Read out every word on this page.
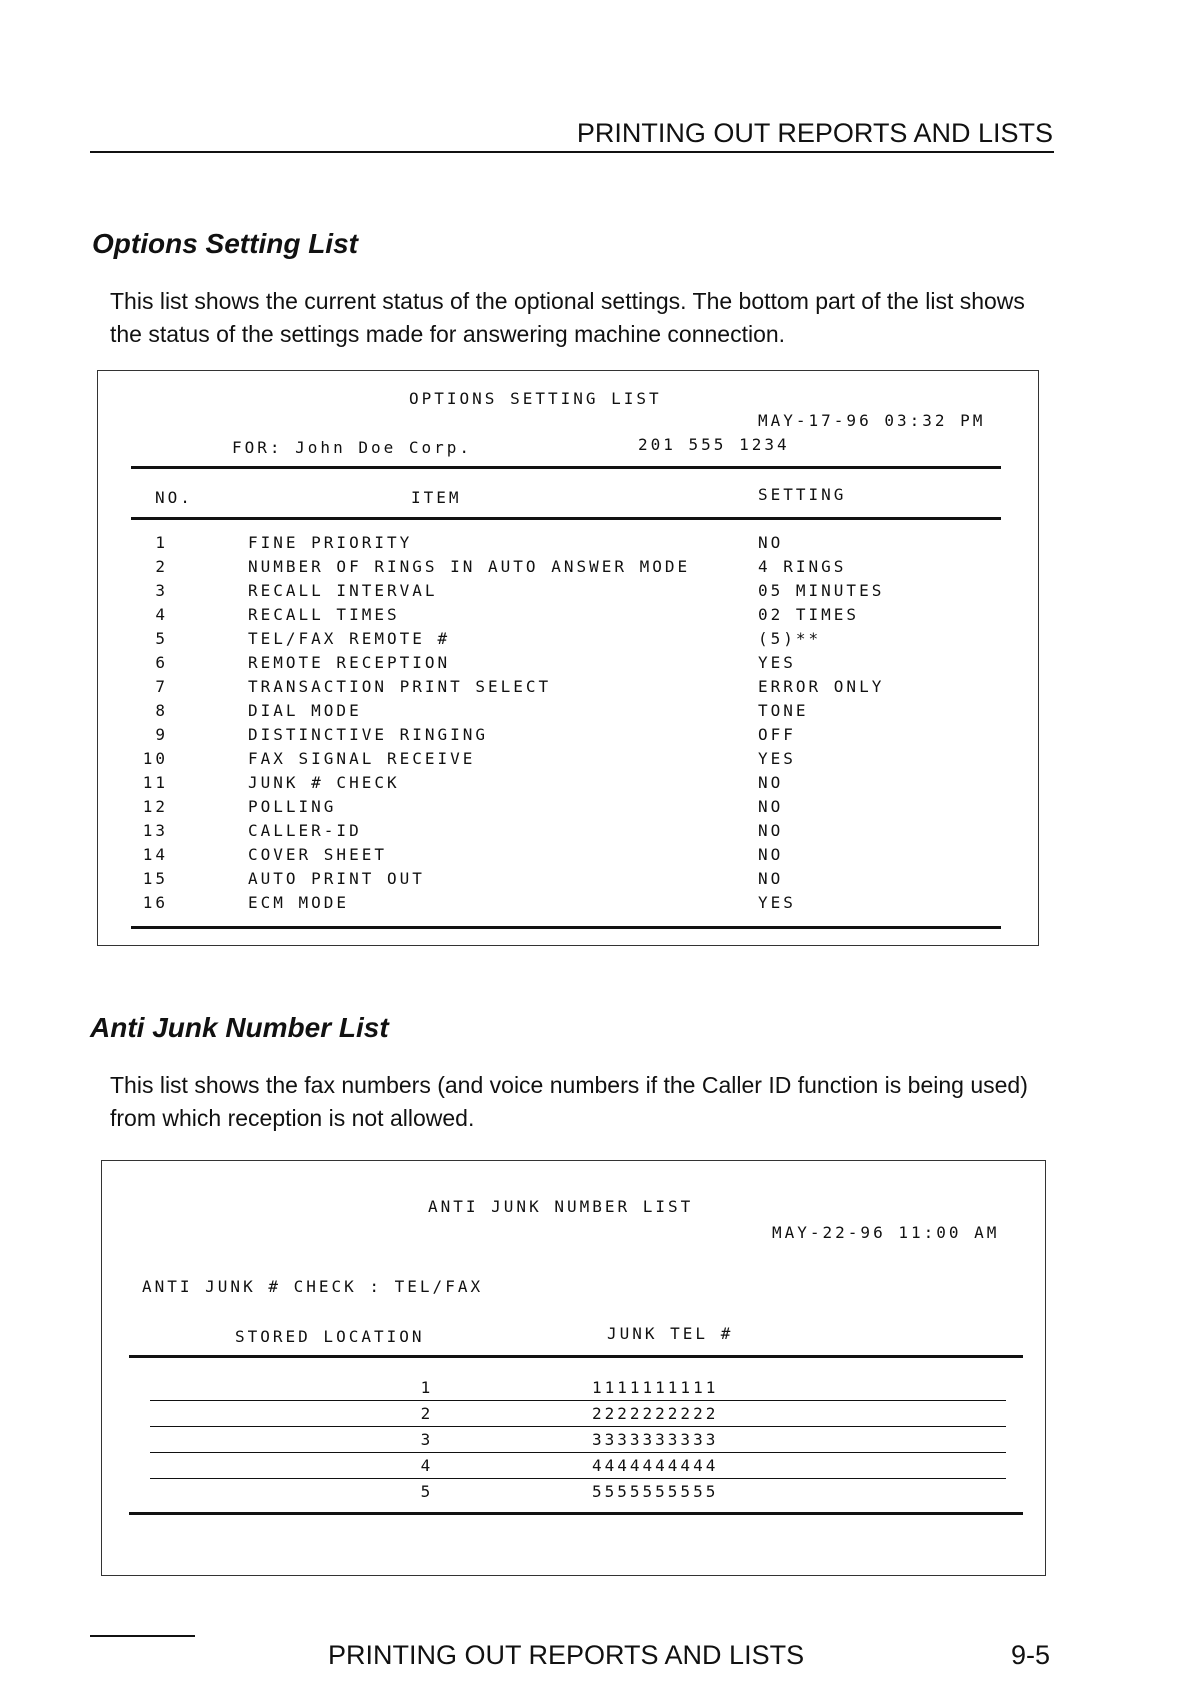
PRINTING OUT REPORTS AND LISTS
Options Setting List

This list shows the current status of the optional settings. The bottom part of the list shows the status of the settings made for answering machine connection.

OPTIONS SETTING LIST
MAY-17-96 03:32 PM
FOR: John Doe Corp.	201 555 1234
NO.	ITEM	SETTING
1	FINE PRIORITY	NO
2	NUMBER OF RINGS IN AUTO ANSWER MODE	4 RINGS
3	RECALL INTERVAL	05 MINUTES
4	RECALL TIMES	02 TIMES
5	TEL/FAX REMOTE #	(5)**
6	REMOTE RECEPTION	YES
7	TRANSACTION PRINT SELECT	ERROR ONLY
8	DIAL MODE	TONE
9	DISTINCTIVE RINGING	OFF
10	FAX SIGNAL RECEIVE	YES
11	JUNK # CHECK	NO
12	POLLING	NO
13	CALLER-ID	NO
14	COVER SHEET	NO
15	AUTO PRINT OUT	NO
16	ECM MODE	YES
Anti Junk Number List

This list shows the fax numbers (and voice numbers if the Caller ID function is being used) from which reception is not allowed.

ANTI JUNK NUMBER LIST
MAY-22-96 11:00 AM
ANTI JUNK # CHECK : TEL/FAX
STORED LOCATION	JUNK TEL #
1	1111111111
2	2222222222
3	3333333333
4	4444444444
5	5555555555
PRINTING OUT REPORTS AND LISTS	9-5
